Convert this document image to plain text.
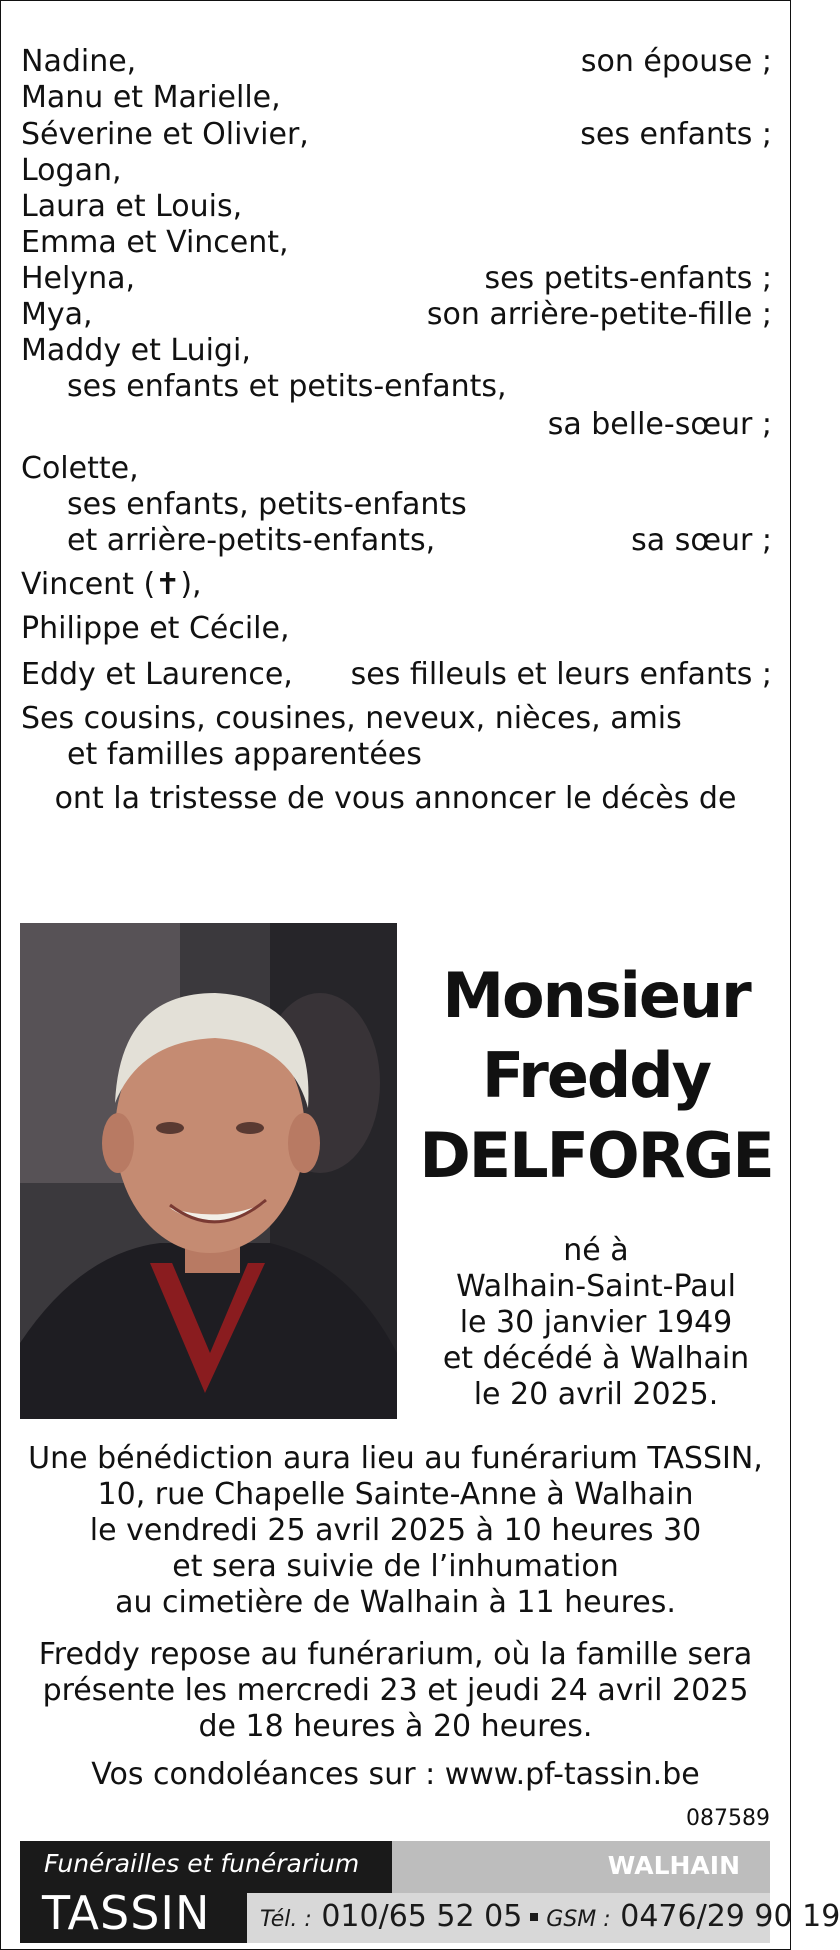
Nadine,	son épouse ;
Manu et Marielle,
Séverine et Olivier,	ses enfants ;
Logan,
Laura et Louis,
Emma et Vincent,
Helyna,	ses petits-enfants ;
Mya,	son arrière-petite-fille ;
Maddy et Luigi,
ses enfants et petits-enfants,
sa belle-sœur ;
Colette,
ses enfants, petits-enfants
et arrière-petits-enfants,	sa sœur ;
Vincent (✝),
Philippe et Cécile,
Eddy et Laurence, ses filleuls et leurs enfants ;
Ses cousins, cousines, neveux, nièces, amis
et familles apparentées
ont la tristesse de vous annoncer le décès de
Monsieur
Freddy
DELFORGE
né à
Walhain-Saint-Paul
le 30 janvier 1949
et décédé à Walhain
le 20 avril 2025.
Une bénédiction aura lieu au funérarium TASSIN,
10, rue Chapelle Sainte-Anne à Walhain
le vendredi 25 avril 2025 à 10 heures 30
et sera suivie de l’inhumation
au cimetière de Walhain à 11 heures.
Freddy repose au funérarium, où la famille sera
présente les mercredi 23 et jeudi 24 avril 2025
de 18 heures à 20 heures.
Vos condoléances sur : www.pf-tassin.be
087589
Funérailles et funérarium
TASSIN
WALHAIN
Tél. : 010/65 52 05 GSM : 0476/29 90 19
